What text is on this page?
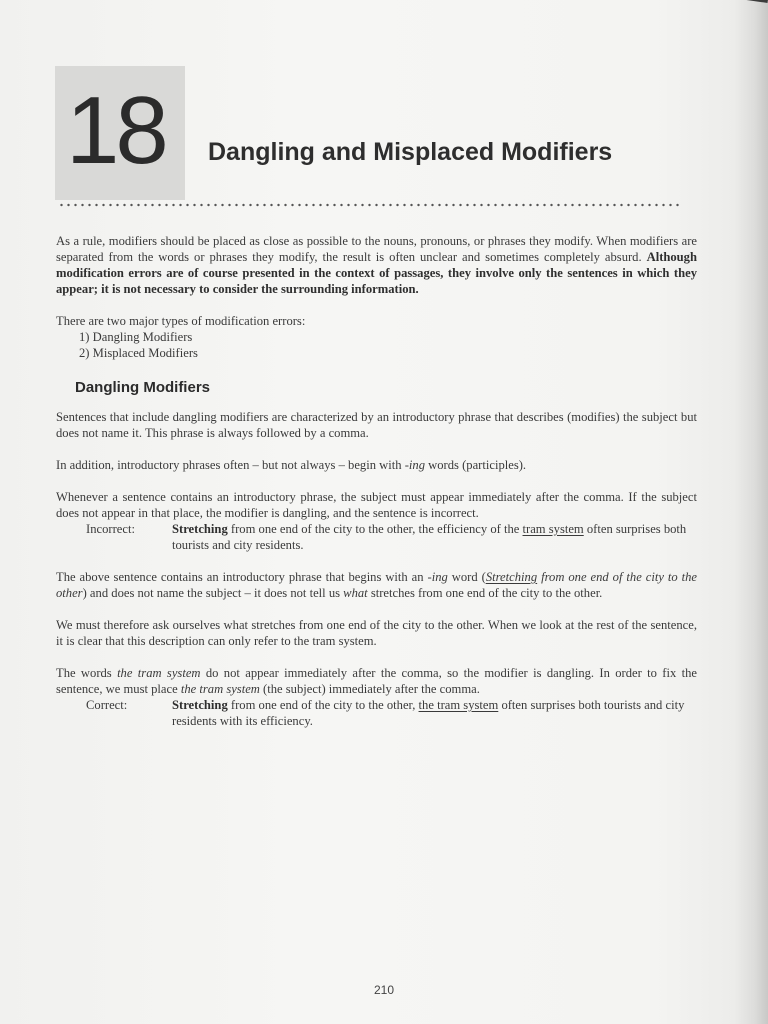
18	Dangling and Misplaced Modifiers

As a rule, modifiers should be placed as close as possible to the nouns, pronouns, or phrases they modify. When modifiers are separated from the words or phrases they modify, the result is often unclear and sometimes completely absurd. Although modification errors are of course presented in the context of passages, they involve only the sentences in which they appear; it is not necessary to consider the surrounding information.

There are two major types of modification errors:

1) Dangling Modifiers

2) Misplaced Modifiers

Dangling Modifiers

Sentences that include dangling modifiers are characterized by an introductory phrase that describes (modifies) the subject but does not name it. This phrase is always followed by a comma.

In addition, introductory phrases often – but not always – begin with -ing words (participles).

Whenever a sentence contains an introductory phrase, the subject must appear immediately after the comma. If the subject does not appear in that place, the modifier is dangling, and the sentence is incorrect.

Incorrect:	Stretching from one end of the city to the other, the efficiency of the tram system often surprises both tourists and city residents.

The above sentence contains an introductory phrase that begins with an -ing word (Stretching from one end of the city to the other) and does not name the subject – it does not tell us what stretches from one end of the city to the other.

We must therefore ask ourselves what stretches from one end of the city to the other. When we look at the rest of the sentence, it is clear that this description can only refer to the tram system.

The words the tram system do not appear immediately after the comma, so the modifier is dangling. In order to fix the sentence, we must place the tram system (the subject) immediately after the comma.

Correct:	Stretching from one end of the city to the other, the tram system often surprises both tourists and city residents with its efficiency.
210
